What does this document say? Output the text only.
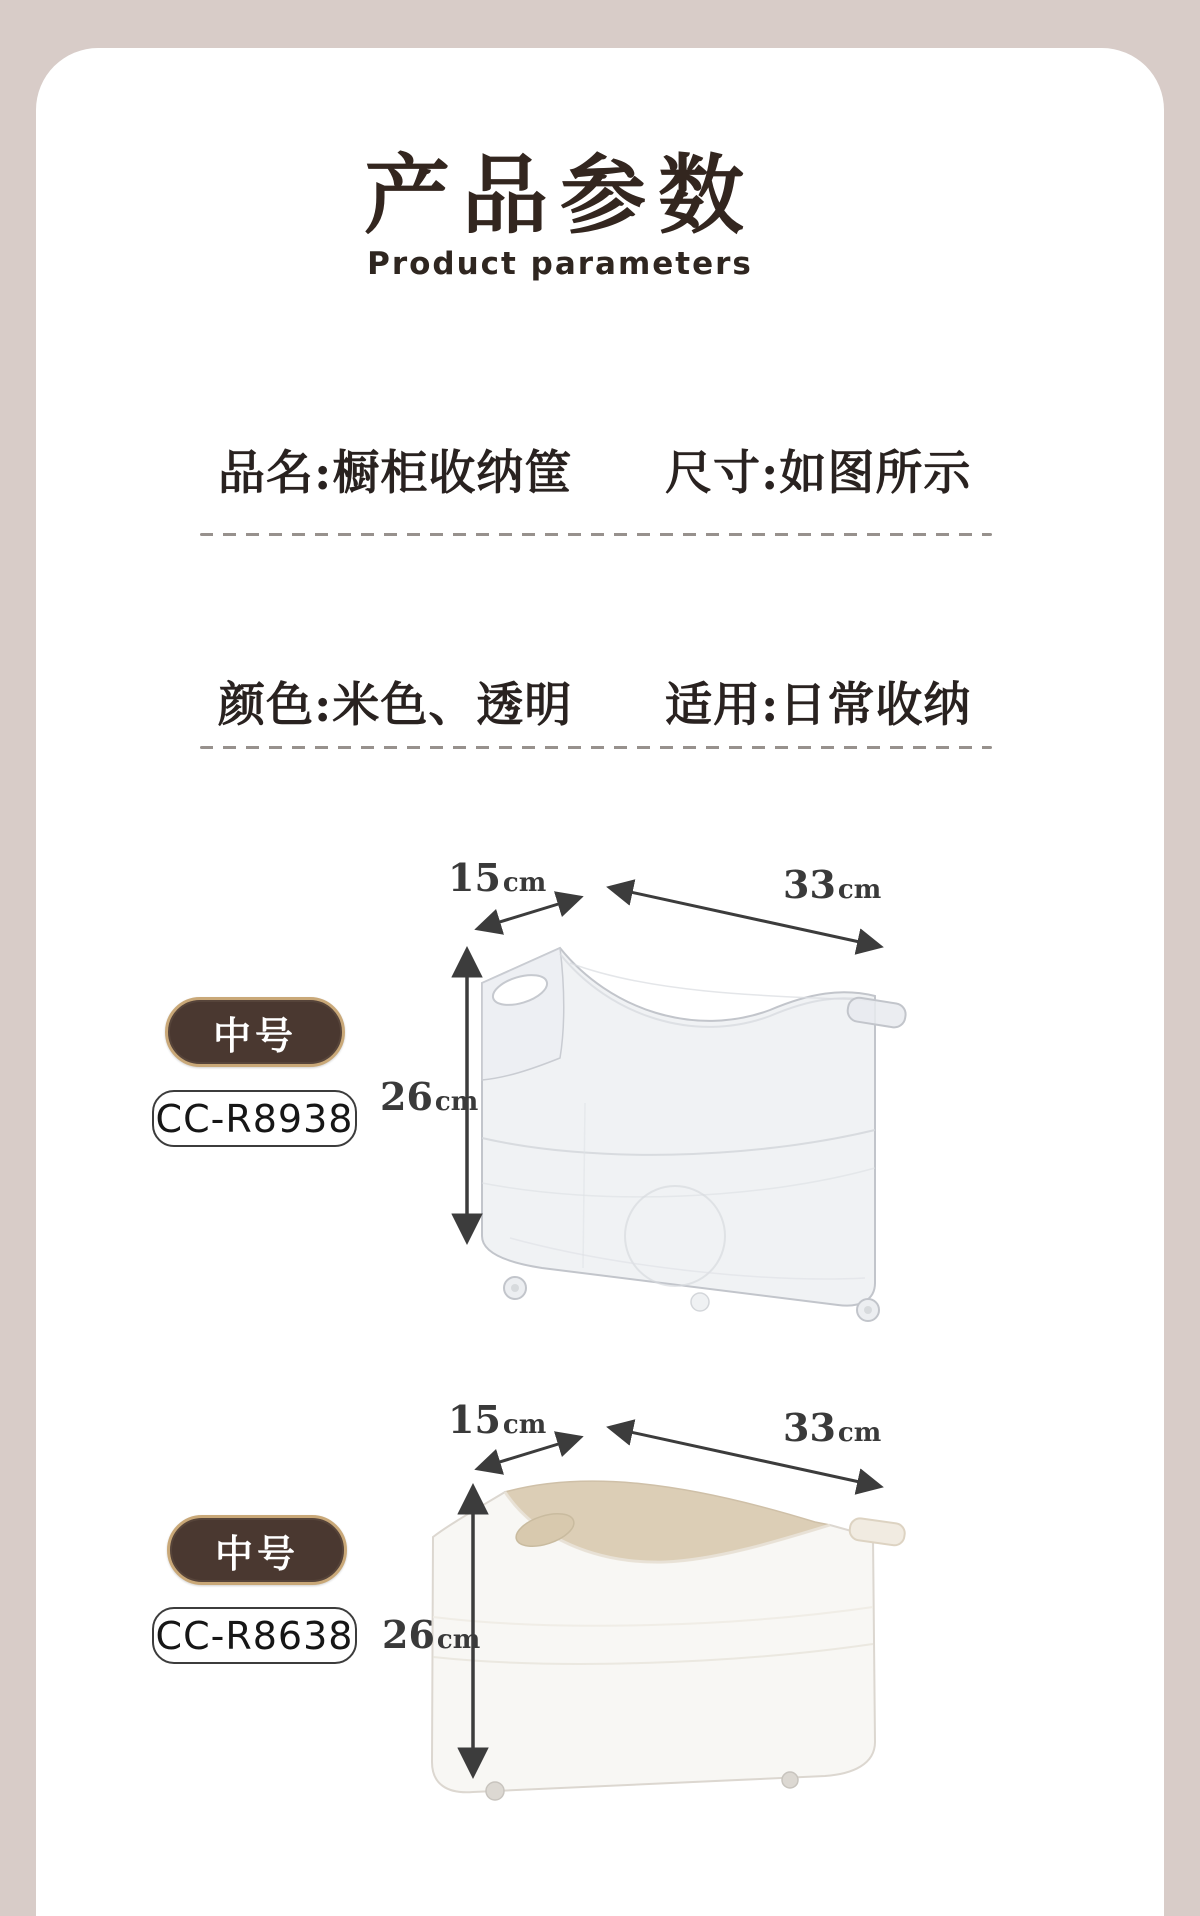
产品参数
Product parameters
品名:橱柜收纳筐 尺寸:如图所示
颜色:米色、透明 适用:日常收纳
15cm	33cm
26cm
中号
CC-R8938
15cm	33cm
26cm
中号
CC-R8638
